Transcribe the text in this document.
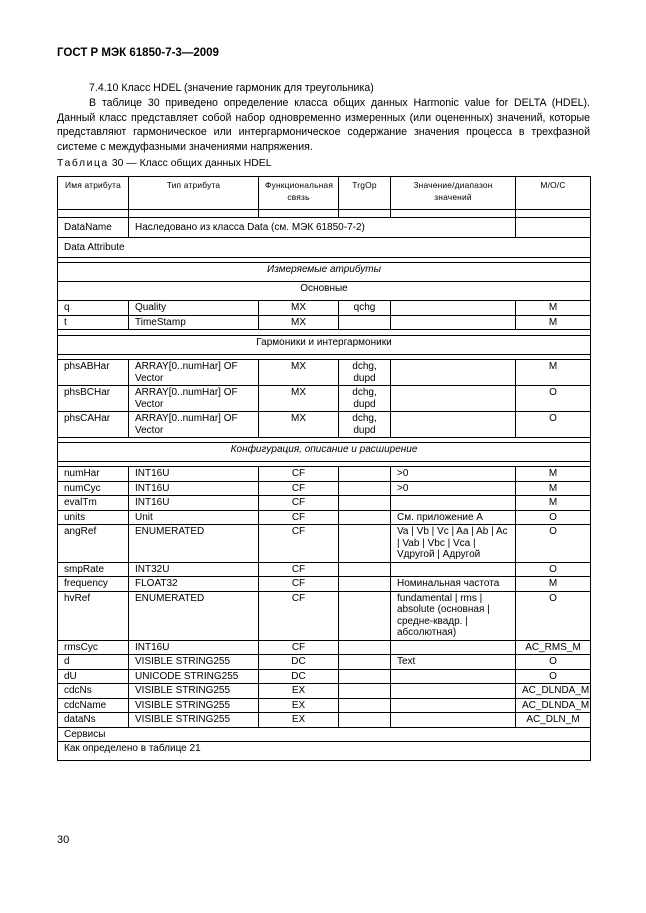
ГОСТ Р МЭК 61850-7-3—2009
7.4.10 Класс HDEL (значение гармоник для треугольника)
В таблице 30 приведено определение класса общих данных Harmonic value for DELTA (HDEL). Данный класс представляет собой набор одновременно измеренных (или оцененных) значений, которые представляют гармоническое или интергармоническое содержание значения процесса в трехфазной системе с междуфазными значениями напряжения.
Таблица 30 — Класс общих данных HDEL
Имя атрибута	Тип атрибута	Функциональная связь	TrgOp	Значение/диапазон значений	M/O/C

DataName	Наследовано из класса Data (см. МЭК 61850-7-2)				
Data Attribute					

Измеряемые атрибуты					
Основные					
q	Quality	MX	qchg		M
t	TimeStamp	MX			M

Гармоники и интергармоники					

phsABHar	ARRAY[0..numHar] OF Vector	MX	dchg, dupd		M
phsBCHar	ARRAY[0..numHar] OF Vector	MX	dchg, dupd		O
phsCAHar	ARRAY[0..numHar] OF Vector	MX	dchg, dupd		O

Конфигурация, описание и расширение					

numHar	INT16U	CF		>0	M
numCyc	INT16U	CF		>0	M
evalTm	INT16U	CF			M
units	Unit	CF		См. приложение А	O
angRef	ENUMERATED	CF		Va | Vb | Vc | Aa | Ab | Ac | Vab | Vbc | Vca | Vдругой | Aдругой	O
smpRate	INT32U	CF			O
frequency	FLOAT32	CF		Номинальная частота	M
hvRef	ENUMERATED	CF		fundamental | rms | absolute (основная | средне-квадр. | абсолютная)	O
rmsCyc	INT16U	CF			AC_RMS_M
d	VISIBLE STRING255	DC		Text	O
dU	UNICODE STRING255	DC			O
cdcNs	VISIBLE STRING255	EX			AC_DLNDA_M
cdcName	VISIBLE STRING255	EX			AC_DLNDA_M
dataNs	VISIBLE STRING255	EX			AC_DLN_M
Сервисы					
Как определено в таблице 21					
30
